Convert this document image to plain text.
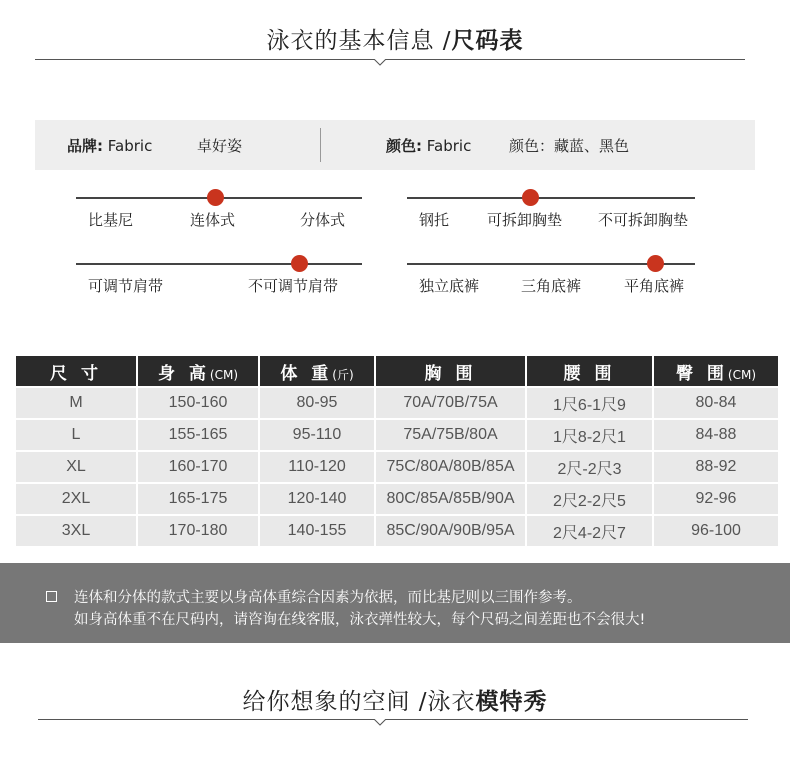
泳衣的基本信息 /尺码表
品牌: Fabric	卓好姿	颜色: Fabric	颜色：藏蓝、黑色
比基尼	连体式	分体式
可调节肩带	不可调节肩带
钢托	可拆卸胸垫 不可拆卸胸垫
独立底裤	三角底裤	平角底裤
尺 寸	身 高(CM)	体 重(斤)	胸 围	腰 围	臀 围(CM)
M	150-160	80-95	70A/70B/75A	1尺6-1尺9	80-84
L	155-165	95-110	75A/75B/80A	1尺8-2尺1	84-88
XL	160-170	110-120	75C/80A/80B/85A	2尺-2尺3	88-92
2XL	165-175	120-140	80C/85A/85B/90A	2尺2-2尺5	92-96
3XL	170-180	140-155	85C/90A/90B/95A	2尺4-2尺7	96-100
连体和分体的款式主要以身高体重综合因素为依据，而比基尼则以三围作参考。
如身高体重不在尺码内，请咨询在线客服，泳衣弹性较大，每个尺码之间差距也不会很大!
给你想象的空间 /泳衣模特秀
